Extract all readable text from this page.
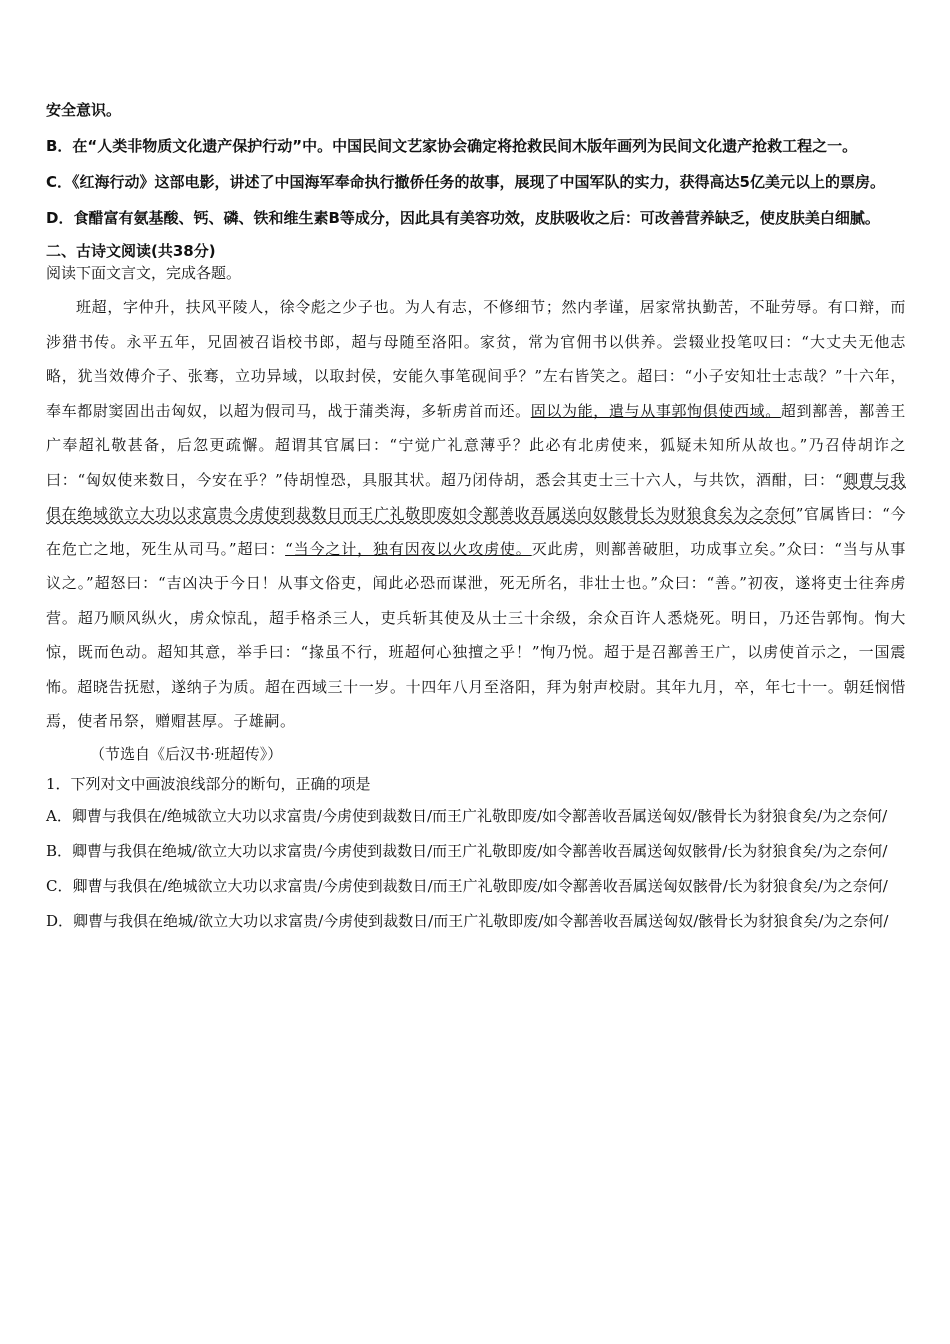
安全意识。

B．在“人类非物质文化遗产保护行动”中。中国民间文艺家协会确定将抢救民间木版年画列为民间文化遗产抢救工程之一。

C．《红海行动》这部电影，讲述了中国海军奉命执行撤侨任务的故事，展现了中国军队的实力，获得高达5亿美元以上的票房。

D．食醋富有氨基酸、钙、磷、铁和维生素B等成分，因此具有美容功效，皮肤吸收之后：可改善营养缺乏，使皮肤美白细腻。

二、古诗文阅读(共38分)

阅读下面文言文，完成各题。

班超，字仲升，扶风平陵人，徐令彪之少子也。为人有志，不修细节；然内孝谨，居家常执勤苦，不耻劳辱。有口辩，而涉猎书传。永平五年，兄固被召诣校书郎，超与母随至洛阳。家贫，常为官佣书以供养。尝辍业投笔叹曰：“大丈夫无他志略，犹当效傅介子、张骞，立功异域，以取封侯，安能久事笔砚间乎？”左右皆笑之。超曰：“小子安知壮士志哉？”十六年，奉车都尉窦固出击匈奴，以超为假司马，战于蒲类海，多斩虏首而还。固以为能，遣与从事郭恂俱使西域。超到鄯善，鄯善王广奉超礼敬甚备，后忽更疏懈。超谓其官属曰：“宁觉广礼意薄乎？此必有北虏使来，狐疑未知所从故也。”乃召侍胡诈之曰：“匈奴使来数日，今安在乎？”侍胡惶恐，具服其状。超乃闭侍胡，悉会其吏士三十六人，与共饮，酒酣，曰：“卿曹与我俱在绝域欲立大功以求富贵今虏使到裁数日而王广礼敬即废如令鄯善收吾属送向奴骸骨长为财狼食矣为之奈何”官属皆曰：“今在危亡之地，死生从司马。”超曰：“当今之计，独有因夜以火攻虏使。灭此虏，则鄯善破胆，功成事立矣。”众曰：“当与从事议之。”超怒曰：“吉凶决于今日！从事文俗吏，闻此必恐而谋泄，死无所名，非壮士也。”众曰：“善。”初夜，遂将吏士往奔虏营。超乃顺风纵火，虏众惊乱，超手格杀三人，吏兵斩其使及从士三十余级，余众百许人悉烧死。明日，乃还告郭恂。恂大惊，既而色动。超知其意，举手曰：“掾虽不行，班超何心独擅之乎！”恂乃悦。超于是召鄯善王广，以虏使首示之，一国震怖。超晓告抚慰，遂纳子为质。超在西域三十一岁。十四年八月至洛阳，拜为射声校尉。其年九月，卒，年七十一。朝廷悯惜焉，使者吊祭，赠赗甚厚。子雄嗣。

（节选自《后汉书·班超传》）

1．下列对文中画波浪线部分的断句，正确的项是

A．卿曹与我俱在/绝城欲立大功以求富贵/今虏使到裁数日/而王广礼敬即废/如令鄯善收吾属送匈奴/骸骨长为豺狼食矣/为之奈何/

B．卿曹与我俱在绝城/欲立大功以求富贵/今虏使到裁数日/而王广礼敬即废/如令鄯善收吾属送匈奴骸骨/长为豺狼食矣/为之奈何/

C．卿曹与我俱在/绝城欲立大功以求富贵/今虏使到裁数日/而王广礼敬即废/如令鄯善收吾属送匈奴骸骨/长为豺狼食矣/为之奈何/

D．卿曹与我俱在绝城/欲立大功以求富贵/今虏使到裁数日/而王广礼敬即废/如令鄯善收吾属送匈奴/骸骨长为豺狼食矣/为之奈何/
